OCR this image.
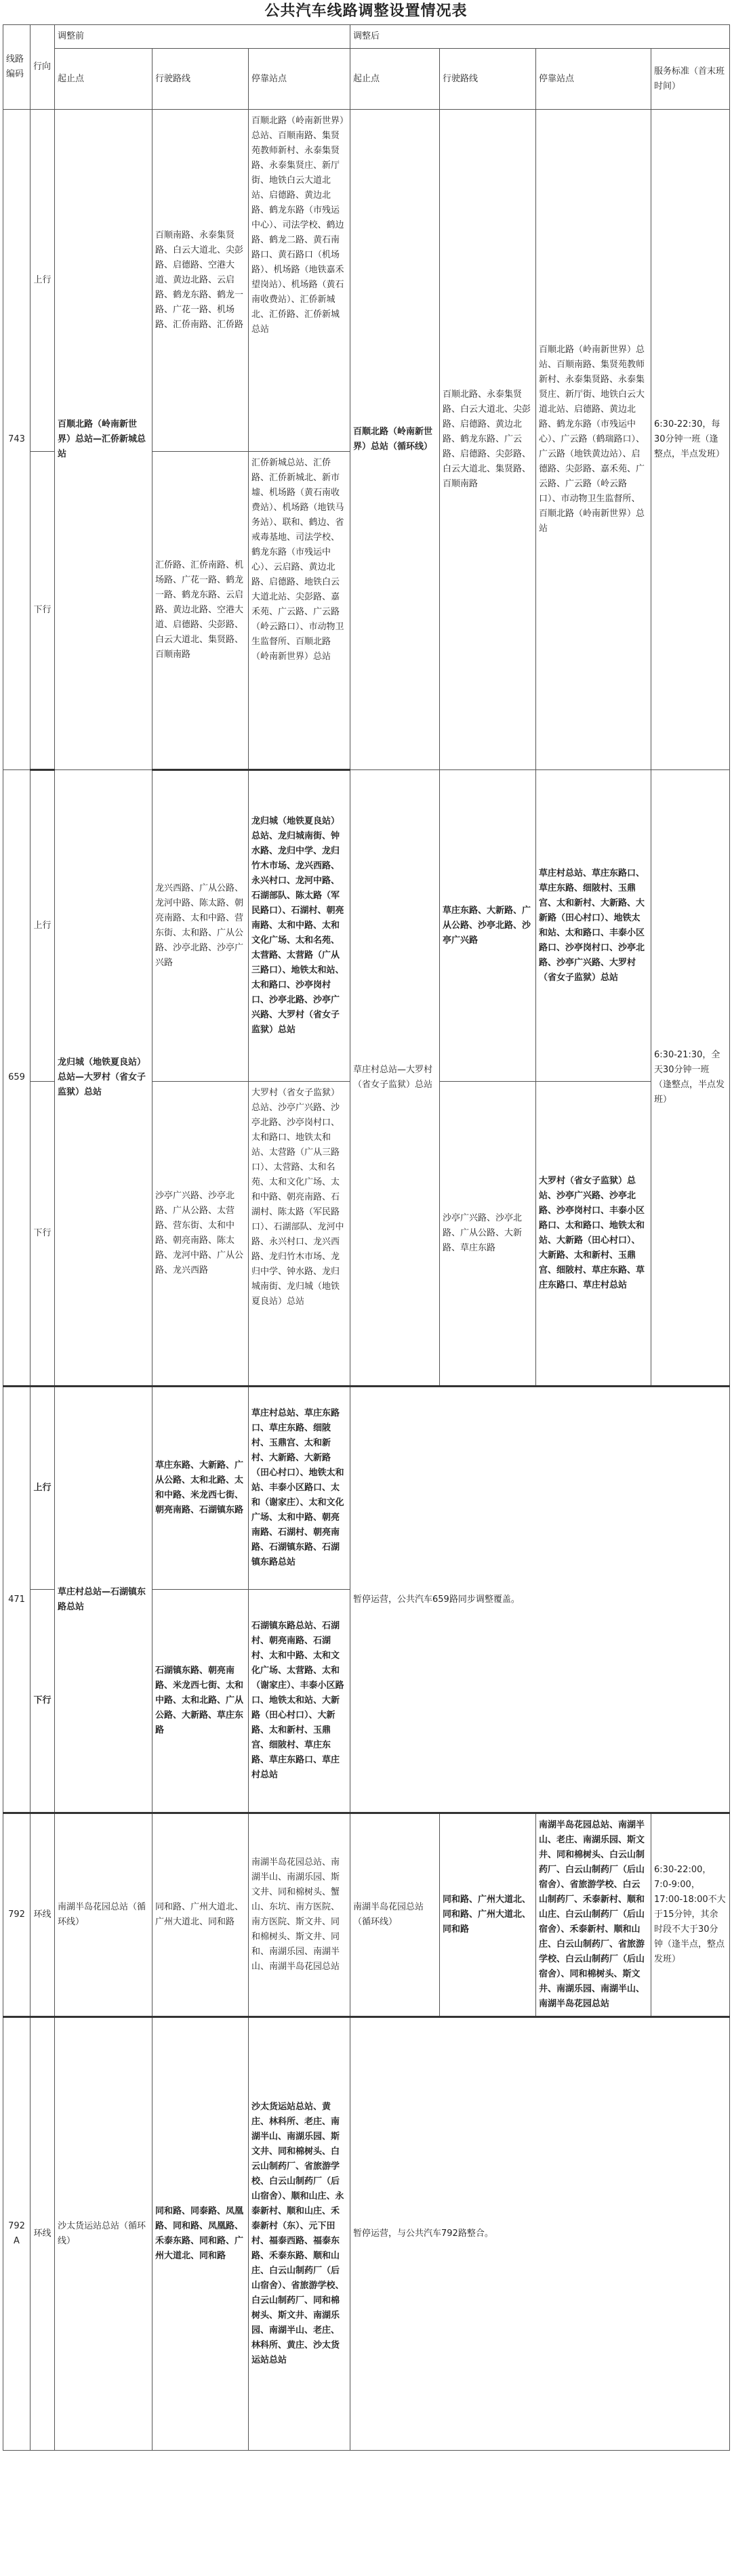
公共汽车线路调整设置情况表
线路编码	行向	调整前			调整后			
		起止点	行驶路线	停靠站点	起止点	行驶路线	停靠站点	服务标准（首末班时间）
743	上行	百顺北路（岭南新世界）总站—汇侨新城总站	百顺南路、永泰集贤路、白云大道北、尖彭路、启德路、空港大道、黄边北路、云启路、鹤龙东路、鹤龙一路、广花一路、机场路、汇侨南路、汇侨路	百顺北路（岭南新世界）总站、百顺南路、集贤苑教师新村、永泰集贤路、永泰集贤庄、新厅街、地铁白云大道北站、启德路、黄边北路、鹤龙东路（市残运中心）、司法学校、鹤边路、鹤龙二路、黄石南路口、黄石路口（机场路）、机场路（地铁嘉禾望岗站）、机场路（黄石南收费站）、汇侨新城北、汇侨路、汇侨新城总站	百顺北路（岭南新世界）总站（循环线）	百顺北路、永泰集贤路、白云大道北、尖彭路、启德路、黄边北路、鹤龙东路、广云路、启德路、尖彭路、白云大道北、集贤路、百顺南路	百顺北路（岭南新世界）总站、百顺南路、集贤苑教师新村、永泰集贤路、永泰集贤庄、新厅街、地铁白云大道北站、启德路、黄边北路、鹤龙东路（市残运中心）、广云路（鹤瑞路口）、广云路（地铁黄边站）、启德路、尖彭路、嘉禾苑、广云路、广云路（岭云路口）、市动物卫生监督所、百顺北路（岭南新世界）总站	6:30-22:30，每30分钟一班（逢整点，半点发班）
	下行		汇侨路、汇侨南路、机场路、广花一路、鹤龙一路、鹤龙东路、云启路、黄边北路、空港大道、启德路、尖彭路、白云大道北、集贤路、百顺南路	汇侨新城总站、汇侨路、汇侨新城北、新市墟、机场路（黄石南收费站）、机场路（地铁马务站）、联和、鹤边、省戒毒基地、司法学校、鹤龙东路（市残运中心）、云启路、黄边北路、启德路、地铁白云大道北站、尖彭路、嘉禾苑、广云路、广云路（岭云路口）、市动物卫生监督所、百顺北路（岭南新世界）总站				
659	上行	龙归城（地铁夏良站）总站—大罗村（省女子监狱）总站	龙兴西路、广从公路、龙河中路、陈太路、朝亮南路、太和中路、营东街、太和路、广从公路、沙亭北路、沙亭广兴路	龙归城（地铁夏良站）总站、龙归城南街、钟水路、龙归中学、龙归竹木市场、龙兴西路、永兴村口、龙河中路、石湖部队、陈太路（军民路口）、石湖村、朝亮南路、太和中路、太和文化广场、太和名苑、太营路、太营路（广从三路口）、地铁太和站、太和路口、沙亭岗村口、沙亭北路、沙亭广兴路、大罗村（省女子监狱）总站	草庄村总站—大罗村（省女子监狱）总站	草庄东路、大新路、广从公路、沙亭北路、沙亭广兴路	草庄村总站、草庄东路口、草庄东路、细陂村、玉鼎宫、太和新村、大新路、大新路（田心村口）、地铁太和站、太和路口、丰泰小区路口、沙亭岗村口、沙亭北路、沙亭广兴路、大罗村（省女子监狱）总站	6:30-21:30，全天30分钟一班（逢整点，半点发班）
	下行		沙亭广兴路、沙亭北路、广从公路、太营路、营东街、太和中路、朝亮南路、陈太路、龙河中路、广从公路、龙兴西路	大罗村（省女子监狱）总站、沙亭广兴路、沙亭北路、沙亭岗村口、太和路口、地铁太和站、太营路（广从三路口）、太营路、太和名苑、太和文化广场、太和中路、朝亮南路、石湖村、陈太路（军民路口）、石湖部队、龙河中路、永兴村口、龙兴西路、龙归竹木市场、龙归中学、钟水路、龙归城南街、龙归城（地铁夏良站）总站		沙亭广兴路、沙亭北路、广从公路、大新路、草庄东路	大罗村（省女子监狱）总站、沙亭广兴路、沙亭北路、沙亭岗村口、丰泰小区路口、太和路口、地铁太和站、大新路（田心村口）、大新路、太和新村、玉鼎宫、细陂村、草庄东路、草庄东路口、草庄村总站	
471	上行	草庄村总站—石湖镇东路总站	草庄东路、大新路、广从公路、太和北路、太和中路、米龙西七街、朝亮南路、石湖镇东路	草庄村总站、草庄东路口、草庄东路、细陂村、玉鼎宫、太和新村、大新路、大新路（田心村口）、地铁太和站、丰泰小区路口、太和（谢家庄）、太和文化广场、太和中路、朝亮南路、石湖村、朝亮南路、石湖镇东路、石湖镇东路总站	暂停运营，公共汽车659路同步调整覆盖。			
	下行		石湖镇东路、朝亮南路、米龙西七街、太和中路、太和北路、广从公路、大新路、草庄东路	石湖镇东路总站、石湖村、朝亮南路、石湖村、太和中路、太和文化广场、太营路、太和（谢家庄）、丰泰小区路口、地铁太和站、大新路（田心村口）、大新路、太和新村、玉鼎宫、细陂村、草庄东路、草庄东路口、草庄村总站				
792	环线	南湖半岛花园总站（循环线）	同和路、广州大道北、广州大道北、同和路	南湖半岛花园总站、南湖半山、南湖乐园、斯文井、同和棉树头、蟹山、东坑、南方医院、南方医院、斯文井、同和棉树头、斯文井、同和、南湖乐园、南湖半山、南湖半岛花园总站	南湖半岛花园总站（循环线）	同和路、广州大道北、同和路、广州大道北、同和路	南湖半岛花园总站、南湖半山、老庄、南湖乐园、斯文井、同和棉树头、白云山制药厂、白云山制药厂（后山宿舍）、省旅游学校、白云山制药厂、禾泰新村、顺和山庄、白云山制药厂（后山宿舍）、禾泰新村、顺和山庄、白云山制药厂、省旅游学校、白云山制药厂（后山宿舍）、同和棉树头、斯文井、南湖乐园、南湖半山、南湖半岛花园总站	6:30-22:00，7:0-9:00，17:00-18:00不大于15分钟，其余时段不大于30分钟（逢半点，整点发班）
792A	环线	沙太货运站总站（循环线）	同和路、同泰路、凤凰路、同和路、凤凰路、禾泰东路、同和路、广州大道北、同和路	沙太货运站总站、黄庄、林科所、老庄、南湖半山、南湖乐园、斯文井、同和棉树头、白云山制药厂、省旅游学校、白云山制药厂（后山宿舍）、顺和山庄、永泰新村、顺和山庄、禾泰新村（东）、元下田村、福泰西路、福泰东路、禾泰东路、顺和山庄、白云山制药厂（后山宿舍）、省旅游学校、白云山制药厂、同和棉树头、斯文井、南湖乐园、南湖半山、老庄、林科所、黄庄、沙太货运站总站	暂停运营，与公共汽车792路整合。			
